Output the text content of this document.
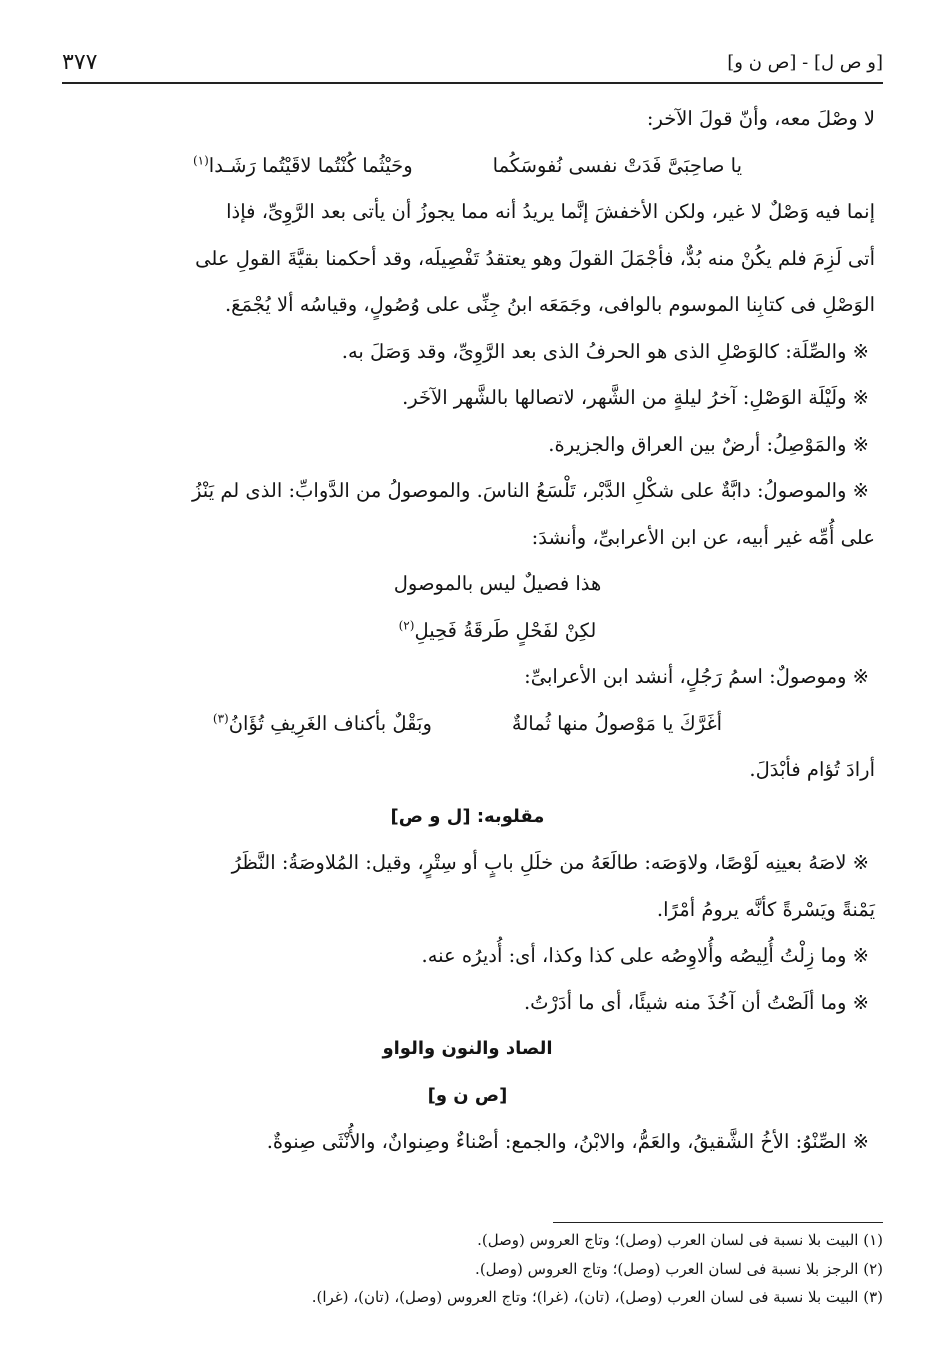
٣٧٧	[و ص ل] - [ص ن و]

لا وصْلَ معه، وأنّ قولَ الآخر:

يا صاحِبَىَّ فَدَتْ نفسى نُفوسَكُما
وحَيْثُما كُنْتُما لاقَيْتُما رَشَـدا$^{(١)}$

إنما فيه وَصْلٌ لا غير، ولكن الأخفشَ إنَّما يريدُ أنه مما يجوزُ أن يأتى بعد الرَّوِىِّ، فإذا

أتى لَزِمَ فلم يكُنْ منه بُدٌّ، فأجْمَلَ القولَ وهو يعتقدُ تَفْصِيلَه، وقد أحكمنا بقيَّةَ القولِ على

الوَصْلِ فى كتابِنا الموسوم بالوافى، وجَمَعَه ابنُ جِنِّى على وُصُولٍ، وقياسُه ألا يُجْمَعَ.

※ والصِّلَة: كالوَصْلِ الذى هو الحرفُ الذى بعد الرَّوِىِّ، وقد وَصَلَ به.

※ ولَيْلَة الوَصْلِ: آخرُ ليلةٍ من الشَّهر، لاتصالها بالشَّهر الآخَر.

※ والمَوْصِلُ: أرضٌ بين العراق والجزيرة.

※ والموصولُ: دابَّةٌ على شكْلِ الدَّبْر، تَلْسَعُ الناسَ. والموصولُ من الدَّوابِّ: الذى لم يَنْزُ

على أُمِّه غير أبيه، عن ابن الأعرابىِّ، وأنشدَ:

هذا فصيلٌ ليس بالموصول

لكِنْ لفَحْلٍ طَرقَةُ فَحِيلِ$^{(٢)}$

※ وموصولٌ: اسمُ رَجُلٍ، أنشد ابن الأعرابىِّ:

أغَرَّكَ يا مَوْصولُ منها ثُمالةٌ
وبَقْلٌ بأكناف الغَرِيفِ تُؤَانُ$^{(٣)}$

أرادَ تُؤام فأبْدَلَ.

مقلوبه: [ل و ص]

※ لاصَهُ بعينِه لَوْصًا، ولاوَصَه: طالَعَهُ من خلَلِ بابٍ أو سِتْرٍ، وقيل: المُلاوصَةُ: النَّظَرُ

يَمْنةً ويَسْرةً كأنَّه يرومُ أمْرًا.

※ وما زِلْتُ أُلِيصُه وأُلاوِصُه على كذا وكذا، أى: أُديرُه عنه.

※ وما ألَصْتُ أن آخُذَ منه شيئًا، أى ما أدَرْتُ.

الصاد والنون والواو

[ص ن و]

※ الصِّنْوُ: الأخُ الشَّقيقُ، والعَمُّ، والابْنُ، والجمع: أصْناءٌ وصِنوانٌ، والأُنْثَى صِنوةٌ.

(١) البيت بلا نسبة فى لسان العرب (وصل)؛ وتاج العروس (وصل).

(٢) الرجز بلا نسبة فى لسان العرب (وصل)؛ وتاج العروس (وصل).

(٣) البيت بلا نسبة فى لسان العرب (وصل)، (تان)، (غرا)؛ وتاج العروس (وصل)، (تان)، (غرا).
